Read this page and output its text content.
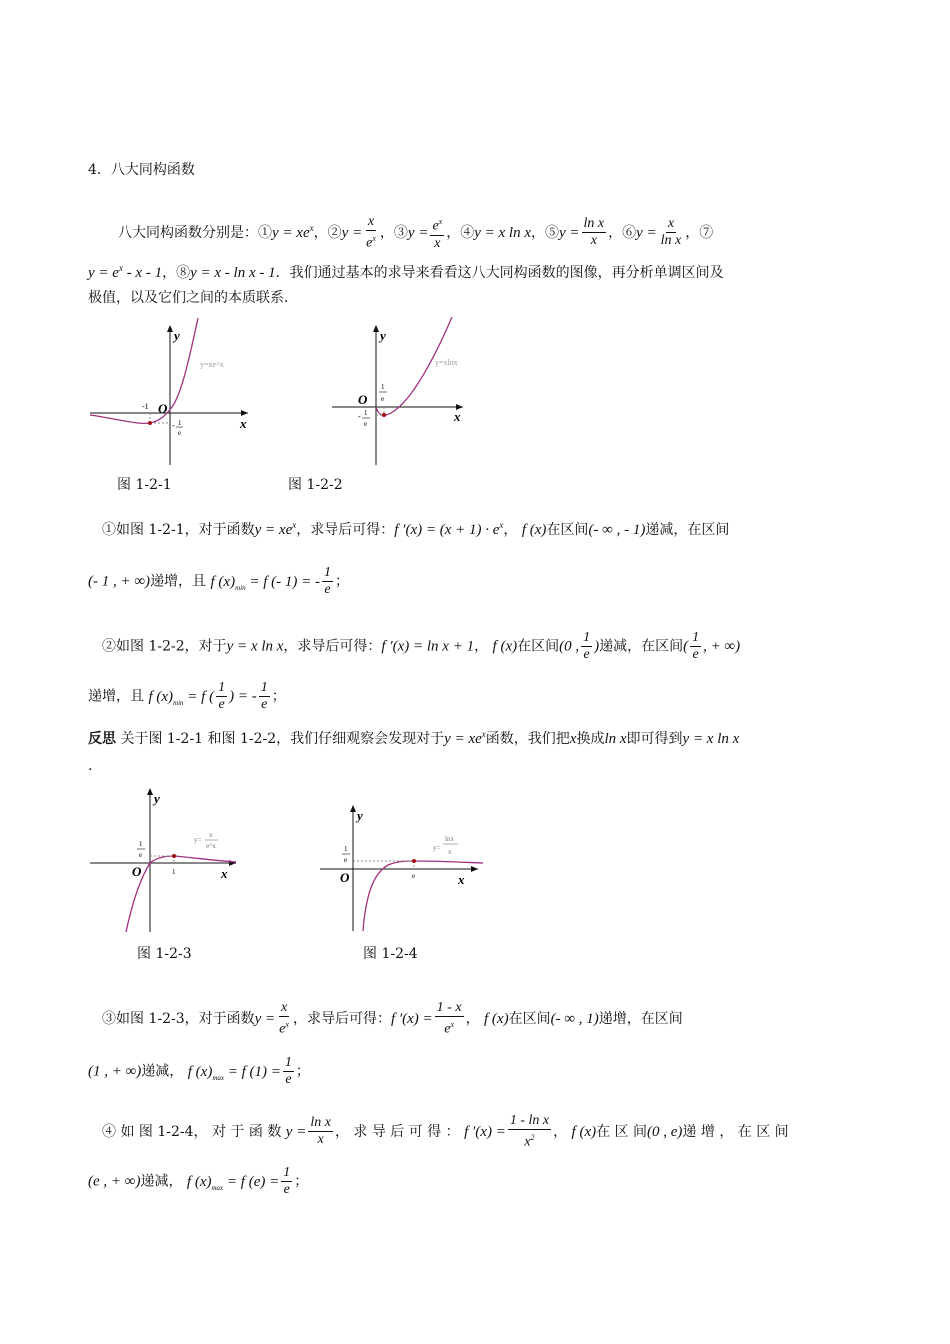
4．八大同构函数
八大同构函数分别是：①y = $xe^x$，②y = $\frac{x}{e^x}$ ，③y = $\frac{e^x}{x}$ ，④y = x ln x，⑤y = $\frac{\text{ln x}}{x}$ ，⑥y = $\frac{x}{\text{ln x}}$ ，⑦
$y = e^x - x - 1$，⑧y = x - ln x - 1．我们通过基本的求导来看看这八大同构函数的图像，再分析单调区间及
极值，以及它们之间的本质联系．
y
x
O
-1
- 1
e
y=xe^x
图 1-2-1
y
x
O
1
e
- 1
e
y=xlnx
图 1-2-2
①如图 1-2-1，对于函数$y = xe^x$，求导后可得：f $'(x) = (x + 1) \cdot e^x$， f (x)在区间(- ∞ , - 1)递减，在区间
(- 1 , + ∞)递增，且 f $(x)_{min} = f$ (- 1) = - $\frac{1}{e}$ ；
②如图 1-2-2，对于y = x ln x，求导后可得：f ′(x) = ln x + 1， f (x)在区间(0 , $\frac{1}{e}$ )递减，在区间( $\frac{1}{e}$ , + ∞)
递增，且 f $(x)_{min} = f$ ( $\frac{1}{e}$ ) = - $\frac{1}{e}$ ；
反思 关于图 1-2-1 和图 1-2-2，我们仔细观察会发现对于$y = xe^x$函数，我们把x换成ln x即可得到y = x ln x
.
y
x
O
1
e
1
y=
x
e^x
图 1-2-3
y
x
O
1
e
e
y=
lnx
x
图 1-2-4
③如图 1-2-3，对于函数$y = \frac{x}{e^x}$ ，求导后可得：f $'(x) = \frac{1 - x}{e^x}$ ， f (x)在区间(- ∞ , 1)递增，在区间
(1 , + ∞)递减， f $(x)_{max} = f$ $(1) = \frac{1}{e}$ ；
④ 如 图 1-2-4， 对 于 函 数 $y = \frac{\text{ln x}}{x}$ ， 求 导 后 可 得 ： f $'(x) = \frac{\text{1 - ln x}}{x^2}$ ， f (x)在 区 间(0 , e)递 增 ， 在 区 间
(e , + ∞)递减， f $(x)_{max} = f$ $(e) = \frac{1}{e}$ ；
